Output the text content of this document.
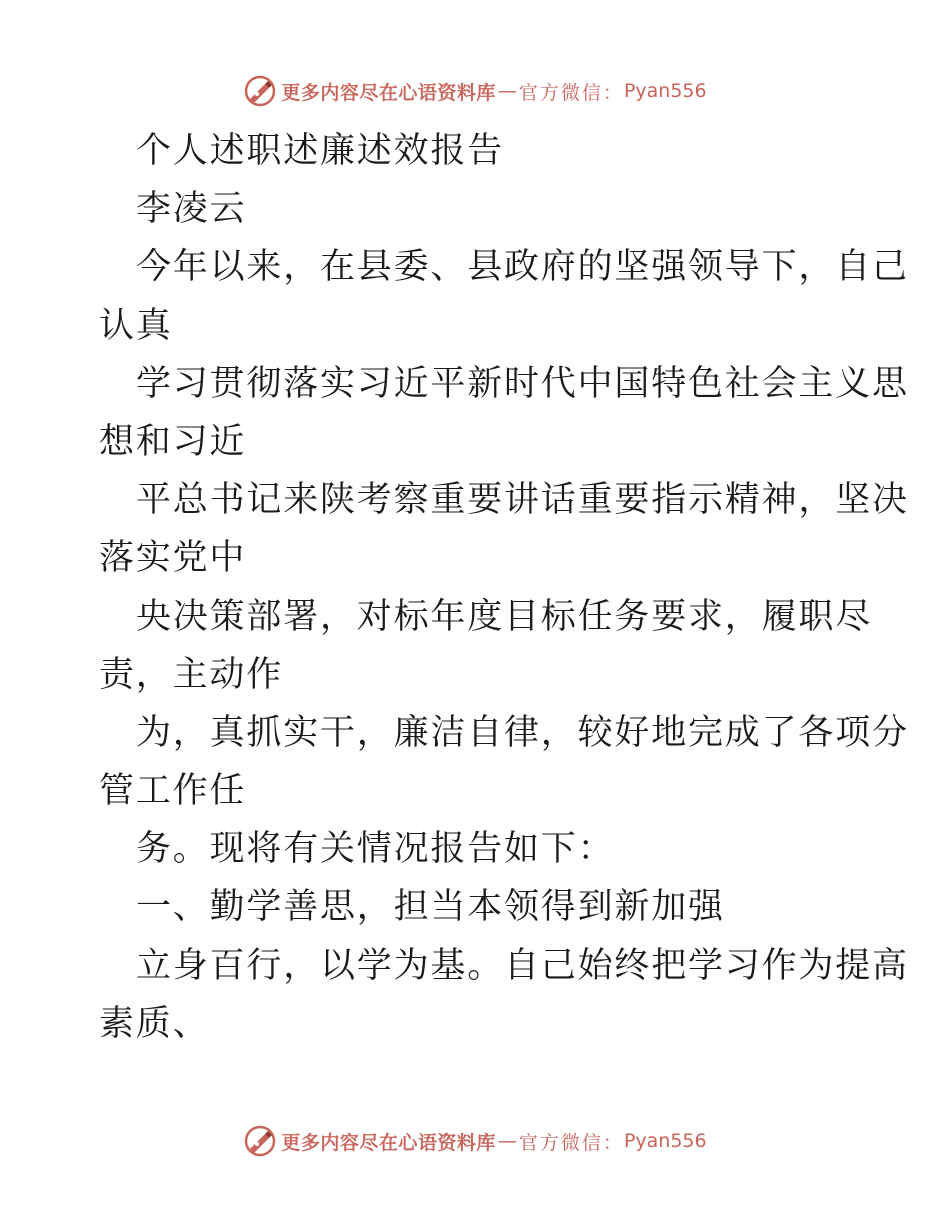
更多内容尽在心语资料库 — 官方微信： Pyan556
个人述职述廉述效报告
李凌云
今年以来，在县委、县政府的坚强领导下，自己
认真
学习贯彻落实习近平新时代中国特色社会主义思
想和习近
平总书记来陕考察重要讲话重要指示精神，坚决
落实党中
央决策部署，对标年度目标任务要求，履职尽
责，主动作
为，真抓实干，廉洁自律，较好地完成了各项分
管工作任
务。现将有关情况报告如下：
一、勤学善思，担当本领得到新加强
立身百行，以学为基。自己始终把学习作为提高
素质、
更多内容尽在心语资料库 — 官方微信： Pyan556
